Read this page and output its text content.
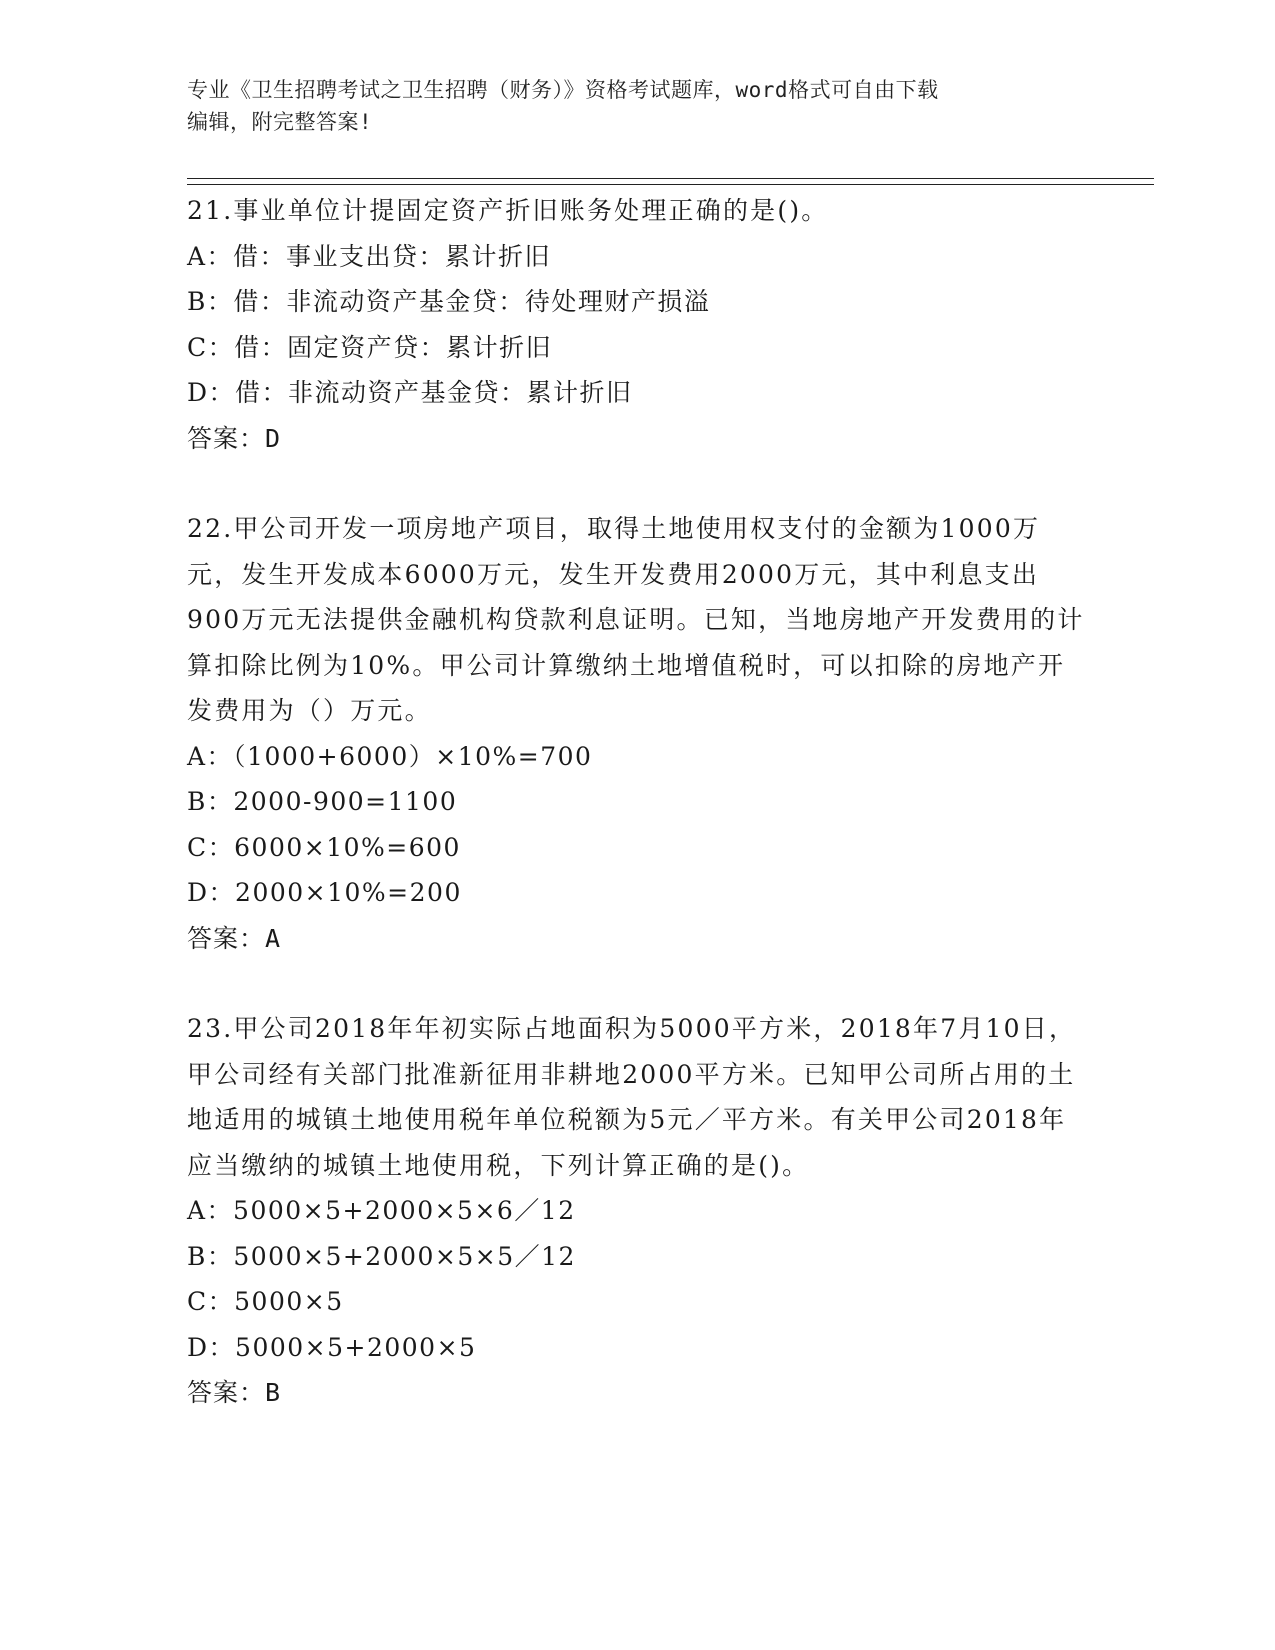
专业《卫生招聘考试之卫生招聘（财务）》资格考试题库，word格式可自由下载
编辑，附完整答案!

21.事业单位计提固定资产折旧账务处理正确的是()。

A：借：事业支出贷：累计折旧

B：借：非流动资产基金贷：待处理财产损溢

C：借：固定资产贷：累计折旧

D：借：非流动资产基金贷：累计折旧

答案：D

22.甲公司开发一项房地产项目，取得土地使用权支付的金额为1000万元，发生开发成本6000万元，发生开发费用2000万元，其中利息支出900万元无法提供金融机构贷款利息证明。已知，当地房地产开发费用的计算扣除比例为10%。甲公司计算缴纳土地增值税时，可以扣除的房地产开发费用为（）万元。

A：（1000+6000）×10%=700

B：2000-900=1100

C：6000×10%=600

D：2000×10%=200

答案：A

23.甲公司2018年年初实际占地面积为5000平方米，2018年7月10日，甲公司经有关部门批准新征用非耕地2000平方米。已知甲公司所占用的土地适用的城镇土地使用税年单位税额为5元／平方米。有关甲公司2018年应当缴纳的城镇土地使用税，下列计算正确的是()。

A：5000×5+2000×5×6／12

B：5000×5+2000×5×5／12

C：5000×5

D：5000×5+2000×5

答案：B
